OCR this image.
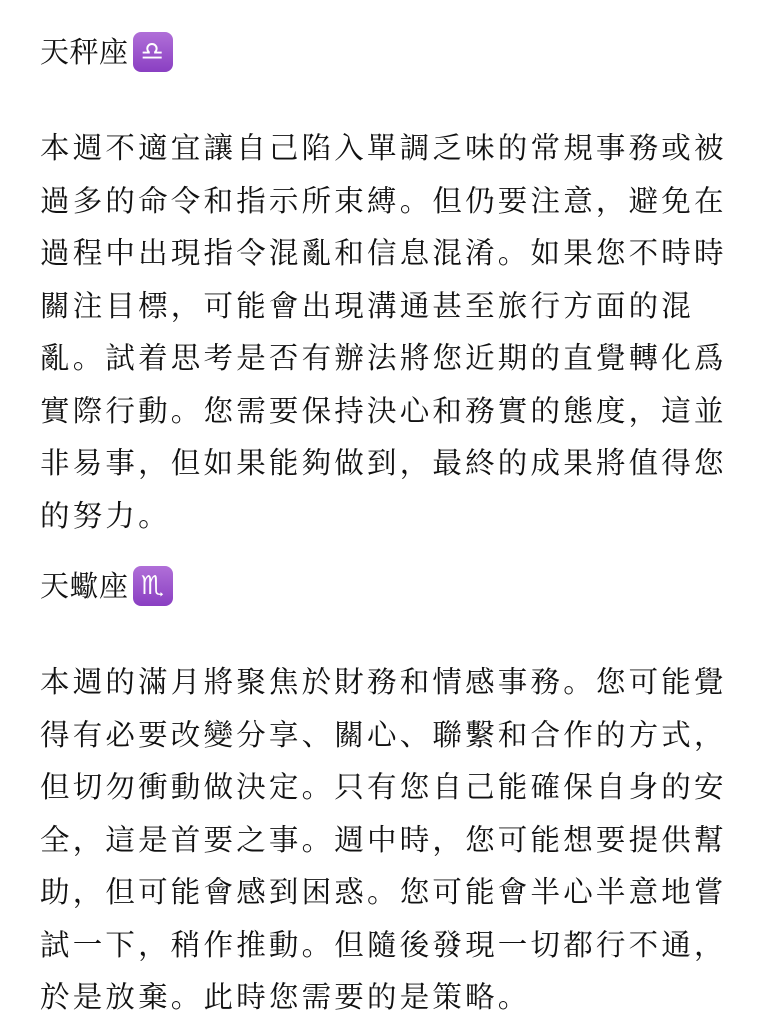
天秤座 ♎

本週不適宜讓自己陷入單調乏味的常規事務或被
過多的命令和指示所束縛。但仍要注意，避免在
過程中出現指令混亂和信息混淆。如果您不時時
關注目標，可能會出現溝通甚至旅行方面的混
亂。試着思考是否有辦法將您近期的直覺轉化爲
實際行動。您需要保持決心和務實的態度，這並
非易事，但如果能夠做到，最終的成果將值得您
的努力。

天蠍座 ♏

本週的滿月將聚焦於財務和情感事務。您可能覺
得有必要改變分享、關心、聯繫和合作的方式，
但切勿衝動做決定。只有您自己能確保自身的安
全，這是首要之事。週中時，您可能想要提供幫
助，但可能會感到困惑。您可能會半心半意地嘗
試一下，稍作推動。但隨後發現一切都行不通，
於是放棄。此時您需要的是策略。
